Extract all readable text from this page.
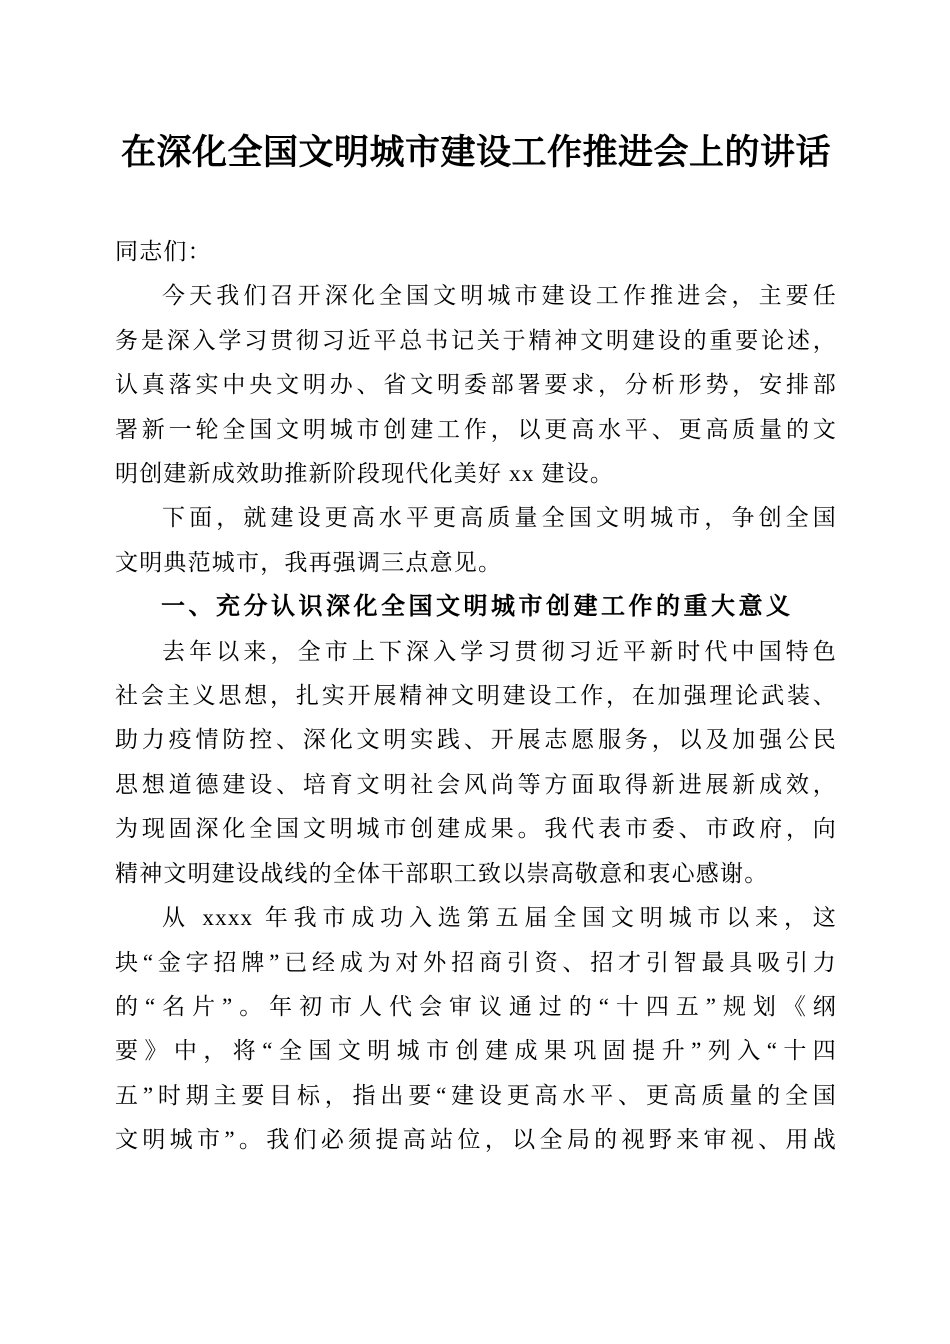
在深化全国文明城市建设工作推进会上的讲话

同志们：

今天我们召开深化全国文明城市建设工作推进会，主要任
务是深入学习贯彻习近平总书记关于精神文明建设的重要论述，
认真落实中央文明办、省文明委部署要求，分析形势，安排部
署新一轮全国文明城市创建工作，以更高水平、更高质量的文
明创建新成效助推新阶段现代化美好 xx 建设。
下面，就建设更高水平更高质量全国文明城市，争创全国
文明典范城市，我再强调三点意见。
一、充分认识深化全国文明城市创建工作的重大意义
去年以来，全市上下深入学习贯彻习近平新时代中国特色
社会主义思想，扎实开展精神文明建设工作，在加强理论武装、
助力疫情防控、深化文明实践、开展志愿服务，以及加强公民
思想道德建设、培育文明社会风尚等方面取得新进展新成效，
为现固深化全国文明城市创建成果。我代表市委、市政府，向
精神文明建设战线的全体干部职工致以崇高敬意和衷心感谢。
从 xxxx 年我市成功入选第五届全国文明城市以来，这
块“金字招牌”已经成为对外招商引资、招才引智最具吸引力
的“名片”。年初市人代会审议通过的“十四五”规划《纲
要》中，将“全国文明城市创建成果巩固提升”列入“十四
五”时期主要目标，指出要“建设更高水平、更高质量的全国
文明城市”。我们必须提高站位，以全局的视野来审视、用战
